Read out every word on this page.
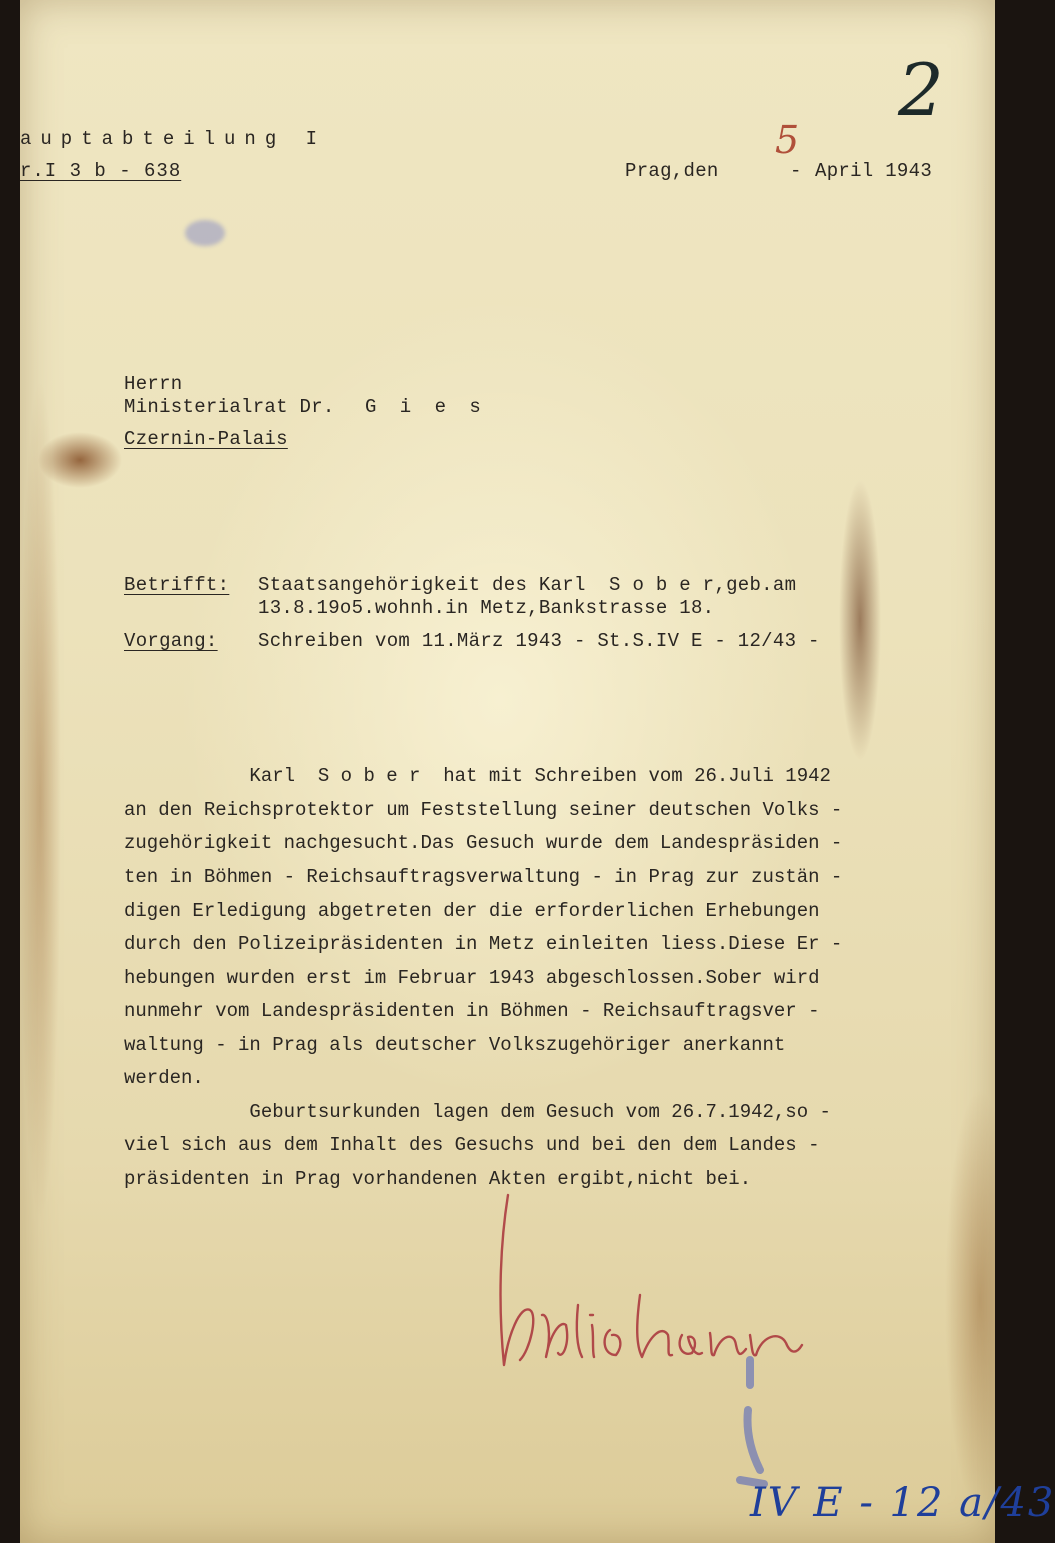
2
auptabteilung I
r.I 3 b - 638	Prag,den
5
- April 1943
Herrn
Ministerialrat Dr. G i e s
Czernin-Palais
Betrifft: Staatsangehörigkeit des Karl  S o b e r,geb.am
13.8.19o5.wohnh.in Metz,Bankstrasse 18.
Vorgang: Schreiben vom 11.März 1943 - St.S.IV E - 12/43 -
Karl  S o b e r  hat mit Schreiben vom 26.Juli 1942
an den Reichsprotektor um Feststellung seiner deutschen Volks -
zugehörigkeit nachgesucht.Das Gesuch wurde dem Landespräsiden -
ten in Böhmen - Reichsauftragsverwaltung - in Prag zur zustän -
digen Erledigung abgetreten der die erforderlichen Erhebungen
durch den Polizeipräsidenten in Metz einleiten liess.Diese Er -
hebungen wurden erst im Februar 1943 abgeschlossen.Sober wird
nunmehr vom Landespräsidenten in Böhmen - Reichsauftragsver -
waltung - in Prag als deutscher Volkszugehöriger anerkannt
werden.
Geburtsurkunden lagen dem Gesuch vom 26.7.1942,so -
viel sich aus dem Inhalt des Gesuchs und bei den dem Landes -
präsidenten in Prag vorhandenen Akten ergibt,nicht bei.
IV E - 12 a/43
